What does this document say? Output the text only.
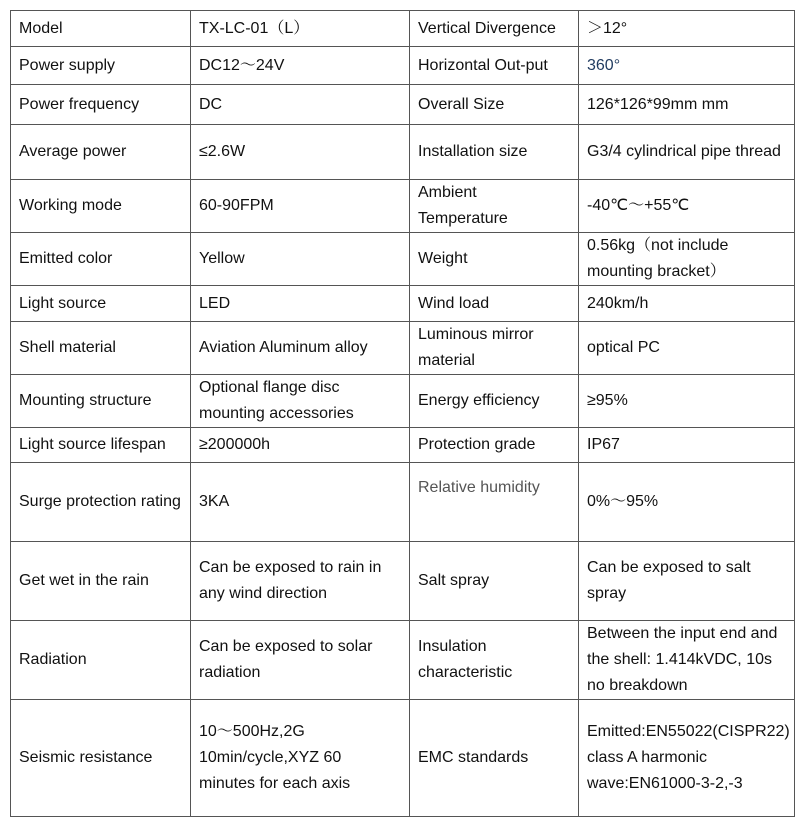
Model	TX-LC-01（L）	Vertical Divergence	＞12°
Power supply	DC12～24V	Horizontal Out-put	360°
Power frequency	DC	Overall Size	126*126*99mm mm
Average power	≤2.6W	Installation size	G3/4 cylindrical pipe thread
Working mode	60-90FPM	Ambient Temperature	-40℃～+55℃
Emitted color	Yellow	Weight	0.56kg（not include mounting bracket）
Light source	LED	Wind load	240km/h
Shell material	Aviation Aluminum alloy	Luminous mirror material	optical PC
Mounting structure	Optional flange disc mounting accessories	Energy efficiency	≥95%
Light source lifespan	≥200000h	Protection grade	IP67
Surge protection rating	3KA	Relative humidity	0%～95%
Get wet in the rain	Can be exposed to rain in any wind direction	Salt spray	Can be exposed to salt spray
Radiation	Can be exposed to solar radiation	Insulation characteristic	Between the input end and the shell: 1.414kVDC, 10s no breakdown
Seismic resistance	10～500Hz,2G 10min/cycle,XYZ 60 minutes for each axis	EMC standards	Emitted:EN55022(CISPR22) class A harmonic wave:EN61000-3-2,-3
